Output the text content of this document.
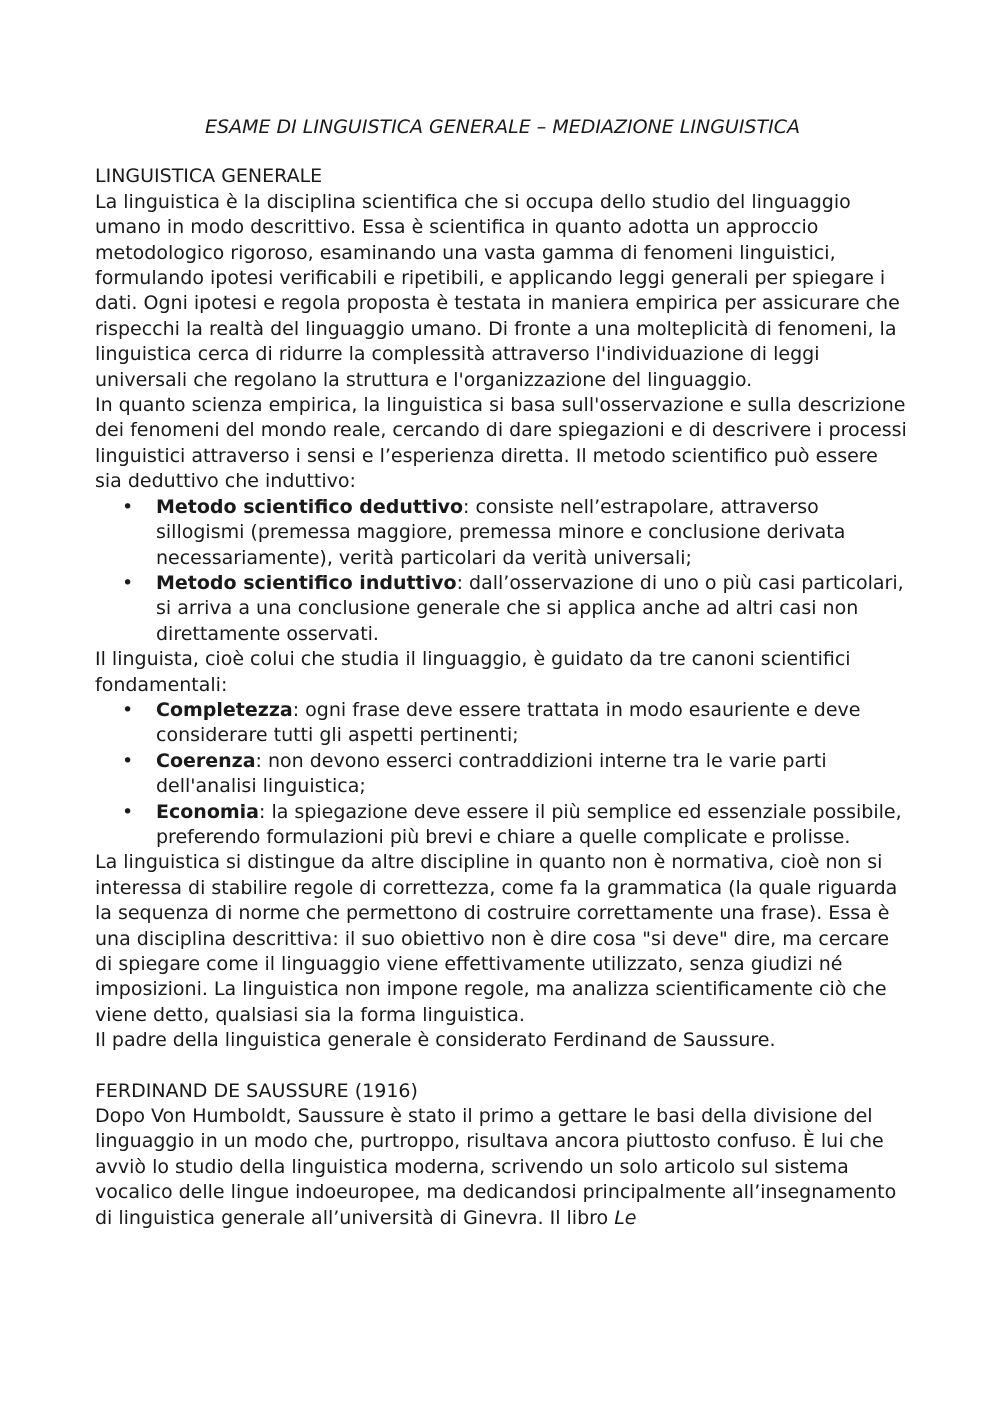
ESAME DI LINGUISTICA GENERALE – MEDIAZIONE LINGUISTICA
LINGUISTICA GENERALE

La linguistica è la disciplina scientifica che si occupa dello studio del linguaggio umano in modo descrittivo. Essa è scientifica in quanto adotta un approccio metodologico rigoroso, esaminando una vasta gamma di fenomeni linguistici, formulando ipotesi verificabili e ripetibili, e applicando leggi generali per spiegare i dati. Ogni ipotesi e regola proposta è testata in maniera empirica per assicurare che rispecchi la realtà del linguaggio umano. Di fronte a una molteplicità di fenomeni, la linguistica cerca di ridurre la complessità attraverso l'individuazione di leggi universali che regolano la struttura e l'organizzazione del linguaggio.

In quanto scienza empirica, la linguistica si basa sull'osservazione e sulla descrizione dei fenomeni del mondo reale, cercando di dare spiegazioni e di descrivere i processi linguistici attraverso i sensi e l’esperienza diretta. Il metodo scientifico può essere sia deduttivo che induttivo:

• Metodo scientifico deduttivo: consiste nell’estrapolare, attraverso sillogismi (premessa maggiore, premessa minore e conclusione derivata necessariamente), verità particolari da verità universali;
• Metodo scientifico induttivo: dall’osservazione di uno o più casi particolari, si arriva a una conclusione generale che si applica anche ad altri casi non direttamente osservati.

Il linguista, cioè colui che studia il linguaggio, è guidato da tre canoni scientifici fondamentali:

• Completezza: ogni frase deve essere trattata in modo esauriente e deve considerare tutti gli aspetti pertinenti;
• Coerenza: non devono esserci contraddizioni interne tra le varie parti dell'analisi linguistica;
• Economia: la spiegazione deve essere il più semplice ed essenziale possibile, preferendo formulazioni più brevi e chiare a quelle complicate e prolisse.

La linguistica si distingue da altre discipline in quanto non è normativa, cioè non si interessa di stabilire regole di correttezza, come fa la grammatica (la quale riguarda la sequenza di norme che permettono di costruire correttamente una frase). Essa è una disciplina descrittiva: il suo obiettivo non è dire cosa "si deve" dire, ma cercare di spiegare come il linguaggio viene effettivamente utilizzato, senza giudizi né imposizioni. La linguistica non impone regole, ma analizza scientificamente ciò che viene detto, qualsiasi sia la forma linguistica.

Il padre della linguistica generale è considerato Ferdinand de Saussure.

FERDINAND DE SAUSSURE (1916)

Dopo Von Humboldt, Saussure è stato il primo a gettare le basi della divisione del linguaggio in un modo che, purtroppo, risultava ancora piuttosto confuso. È lui che avviò lo studio della linguistica moderna, scrivendo un solo articolo sul sistema vocalico delle lingue indoeuropee, ma dedicandosi principalmente all’insegnamento di linguistica generale all’università di Ginevra. Il libro Le
